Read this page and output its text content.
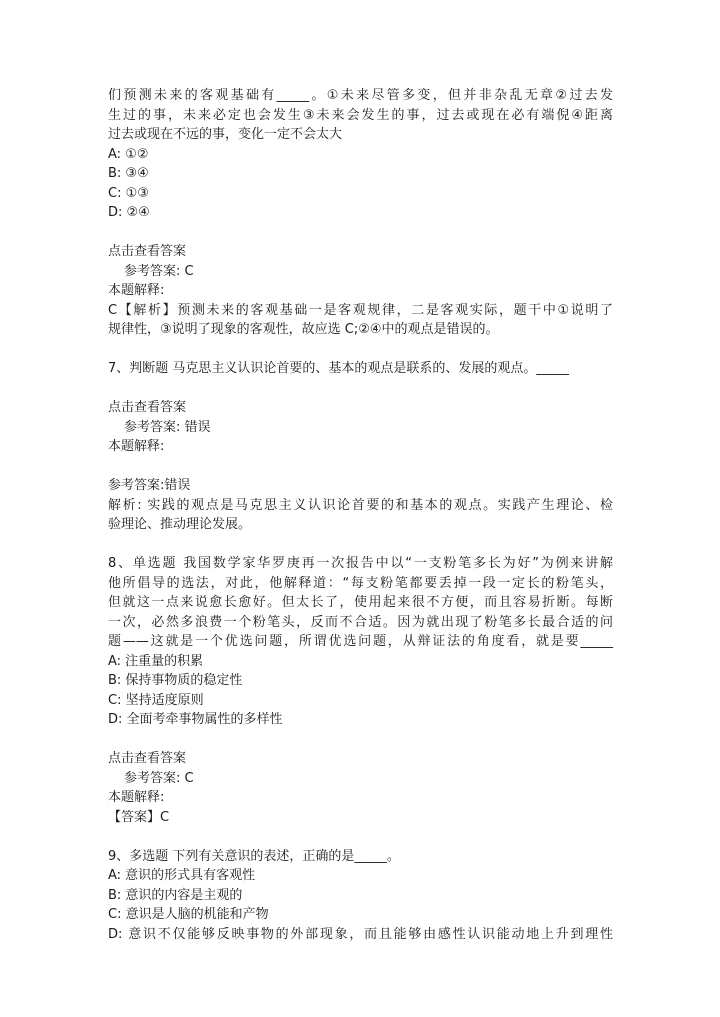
们预测未来的客观基础有_____。①未来尽管多变，但并非杂乱无章②过去发
生过的事，未来必定也会发生③未来会发生的事，过去或现在必有端倪④距离
过去或现在不远的事，变化一定不会太大
A: ①②
B: ③④
C: ①③
D: ②④
点击查看答案
参考答案: C
本题解释:
C【解析】预测未来的客观基础一是客观规律，二是客观实际，题干中①说明了
规律性，③说明了现象的客观性，故应选 C;②④中的观点是错误的。
7、判断题 马克思主义认识论首要的、基本的观点是联系的、发展的观点。_____
点击查看答案
参考答案: 错误
本题解释:
参考答案:错误
解析: 实践的观点是马克思主义认识论首要的和基本的观点。实践产生理论、检
验理论、推动理论发展。
8、单选题 我国数学家华罗庚再一次报告中以“一支粉笔多长为好”为例来讲解
他所倡导的选法，对此，他解释道：“每支粉笔都要丢掉一段一定长的粉笔头，
但就这一点来说愈长愈好。但太长了，使用起来很不方便，而且容易折断。每断
一次，必然多浪费一个粉笔头，反而不合适。因为就出现了粉笔多长最合适的问
题——这就是一个优选问题，所谓优选问题，从辩证法的角度看，就是要_____
A: 注重量的积累
B: 保持事物质的稳定性
C: 坚持适度原则
D: 全面考牵事物属性的多样性
点击查看答案
参考答案: C
本题解释:
【答案】C
9、多选题 下列有关意识的表述，正确的是_____。
A: 意识的形式具有客观性
B: 意识的内容是主观的
C: 意识是人脑的机能和产物
D: 意识不仅能够反映事物的外部现象，而且能够由感性认识能动地上升到理性
